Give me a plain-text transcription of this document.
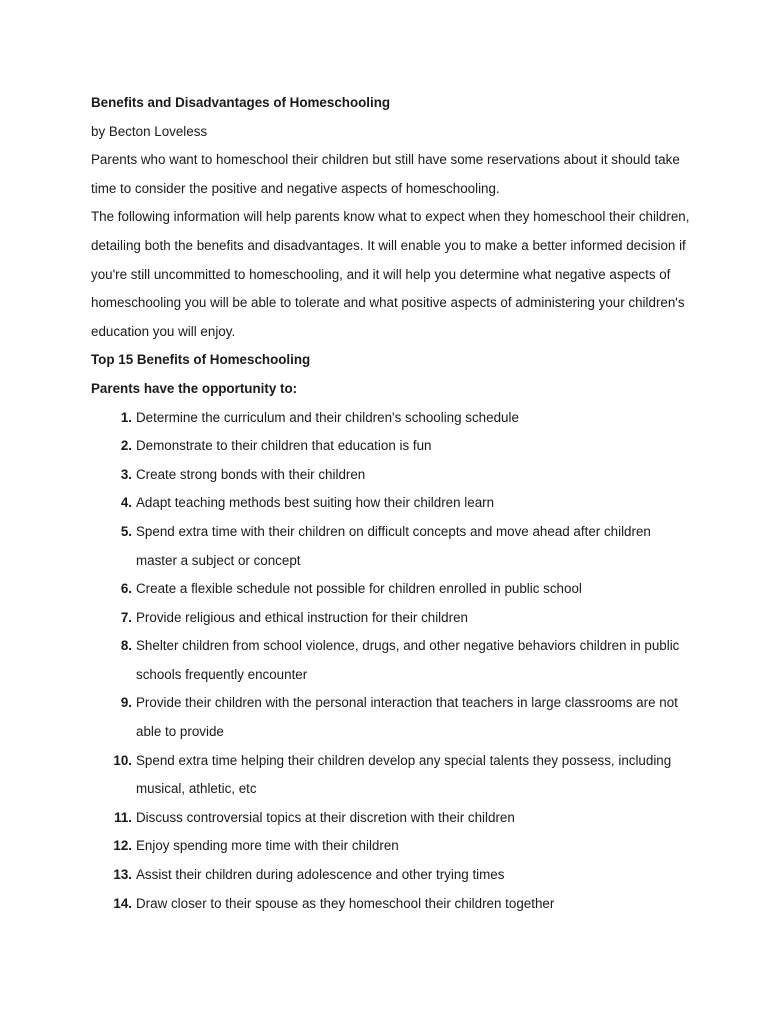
Benefits and Disadvantages of Homeschooling

by Becton Loveless

Parents who want to homeschool their children but still have some reservations about it should take time to consider the positive and negative aspects of homeschooling.

The following information will help parents know what to expect when they homeschool their children, detailing both the benefits and disadvantages. It will enable you to make a better informed decision if you're still uncommitted to homeschooling, and it will help you determine what negative aspects of homeschooling you will be able to tolerate and what positive aspects of administering your children's education you will enjoy.

Top 15 Benefits of Homeschooling

Parents have the opportunity to:

1. Determine the curriculum and their children's schooling schedule
2. Demonstrate to their children that education is fun
3. Create strong bonds with their children
4. Adapt teaching methods best suiting how their children learn
5. Spend extra time with their children on difficult concepts and move ahead after children master a subject or concept
6. Create a flexible schedule not possible for children enrolled in public school
7. Provide religious and ethical instruction for their children
8. Shelter children from school violence, drugs, and other negative behaviors children in public schools frequently encounter
9. Provide their children with the personal interaction that teachers in large classrooms are not able to provide
10. Spend extra time helping their children develop any special talents they possess, including musical, athletic, etc
11. Discuss controversial topics at their discretion with their children
12. Enjoy spending more time with their children
13. Assist their children during adolescence and other trying times
14. Draw closer to their spouse as they homeschool their children together
